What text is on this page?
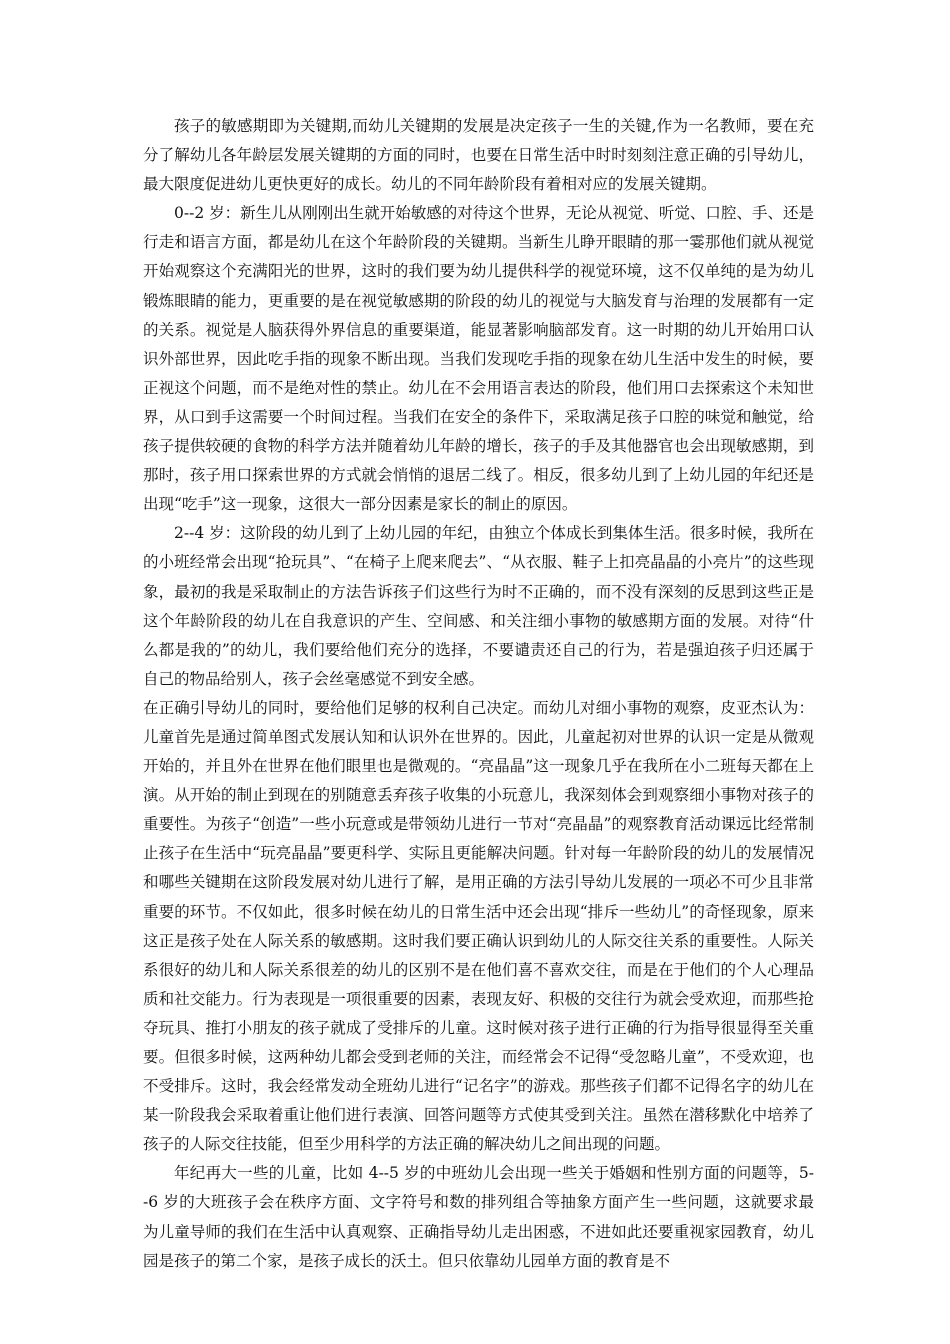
孩子的敏感期即为关键期,而幼儿关键期的发展是决定孩子一生的关键,作为一名教师，要在充分了解幼儿各年龄层发展关键期的方面的同时，也要在日常生活中时时刻刻注意正确的引导幼儿，最大限度促进幼儿更快更好的成长。幼儿的不同年龄阶段有着相对应的发展关键期。

0--2 岁：新生儿从刚刚出生就开始敏感的对待这个世界，无论从视觉、听觉、口腔、手、还是行走和语言方面，都是幼儿在这个年龄阶段的关键期。当新生儿睁开眼睛的那一霎那他们就从视觉开始观察这个充满阳光的世界，这时的我们要为幼儿提供科学的视觉环境，这不仅单纯的是为幼儿锻炼眼睛的能力，更重要的是在视觉敏感期的阶段的幼儿的视觉与大脑发育与治理的发展都有一定的关系。视觉是人脑获得外界信息的重要渠道，能显著影响脑部发育。这一时期的幼儿开始用口认识外部世界，因此吃手指的现象不断出现。当我们发现吃手指的现象在幼儿生活中发生的时候，要正视这个问题，而不是绝对性的禁止。幼儿在不会用语言表达的阶段，他们用口去探索这个未知世界，从口到手这需要一个时间过程。当我们在安全的条件下，采取满足孩子口腔的味觉和触觉，给孩子提供较硬的食物的科学方法并随着幼儿年龄的增长，孩子的手及其他器官也会出现敏感期，到那时，孩子用口探索世界的方式就会悄悄的退居二线了。相反，很多幼儿到了上幼儿园的年纪还是出现“吃手”这一现象，这很大一部分因素是家长的制止的原因。

2--4 岁：这阶段的幼儿到了上幼儿园的年纪，由独立个体成长到集体生活。很多时候，我所在的小班经常会出现“抢玩具”、“在椅子上爬来爬去”、“从衣服、鞋子上扣亮晶晶的小亮片”的这些现象，最初的我是采取制止的方法告诉孩子们这些行为时不正确的，而不没有深刻的反思到这些正是这个年龄阶段的幼儿在自我意识的产生、空间感、和关注细小事物的敏感期方面的发展。对待“什么都是我的”的幼儿，我们要给他们充分的选择，不要谴责还自己的行为，若是强迫孩子归还属于自己的物品给别人，孩子会丝毫感觉不到安全感。

在正确引导幼儿的同时，要给他们足够的权利自己决定。而幼儿对细小事物的观察，皮亚杰认为：儿童首先是通过简单图式发展认知和认识外在世界的。因此，儿童起初对世界的认识一定是从微观开始的，并且外在世界在他们眼里也是微观的。“亮晶晶”这一现象几乎在我所在小二班每天都在上演。从开始的制止到现在的别随意丢弃孩子收集的小玩意儿，我深刻体会到观察细小事物对孩子的重要性。为孩子“创造”一些小玩意或是带领幼儿进行一节对“亮晶晶”的观察教育活动课远比经常制止孩子在生活中“玩亮晶晶”要更科学、实际且更能解决问题。针对每一年龄阶段的幼儿的发展情况和哪些关键期在这阶段发展对幼儿进行了解，是用正确的方法引导幼儿发展的一项必不可少且非常重要的环节。不仅如此，很多时候在幼儿的日常生活中还会出现“排斥一些幼儿”的奇怪现象，原来这正是孩子处在人际关系的敏感期。这时我们要正确认识到幼儿的人际交往关系的重要性。人际关系很好的幼儿和人际关系很差的幼儿的区别不是在他们喜不喜欢交往，而是在于他们的个人心理品质和社交能力。行为表现是一项很重要的因素，表现友好、积极的交往行为就会受欢迎，而那些抢夺玩具、推打小朋友的孩子就成了受排斥的儿童。这时候对孩子进行正确的行为指导很显得至关重要。但很多时候，这两种幼儿都会受到老师的关注，而经常会不记得“受忽略儿童”，不受欢迎，也不受排斥。这时，我会经常发动全班幼儿进行“记名字”的游戏。那些孩子们都不记得名字的幼儿在某一阶段我会采取着重让他们进行表演、回答问题等方式使其受到关注。虽然在潜移默化中培养了孩子的人际交往技能，但至少用科学的方法正确的解决幼儿之间出现的问题。

年纪再大一些的儿童，比如 4--5 岁的中班幼儿会出现一些关于婚姻和性别方面的问题等，5--6 岁的大班孩子会在秩序方面、文字符号和数的排列组合等抽象方面产生一些问题，这就要求最为儿童导师的我们在生活中认真观察、正确指导幼儿走出困惑，不进如此还要重视家园教育，幼儿园是孩子的第二个家，是孩子成长的沃土。但只依靠幼儿园单方面的教育是不
